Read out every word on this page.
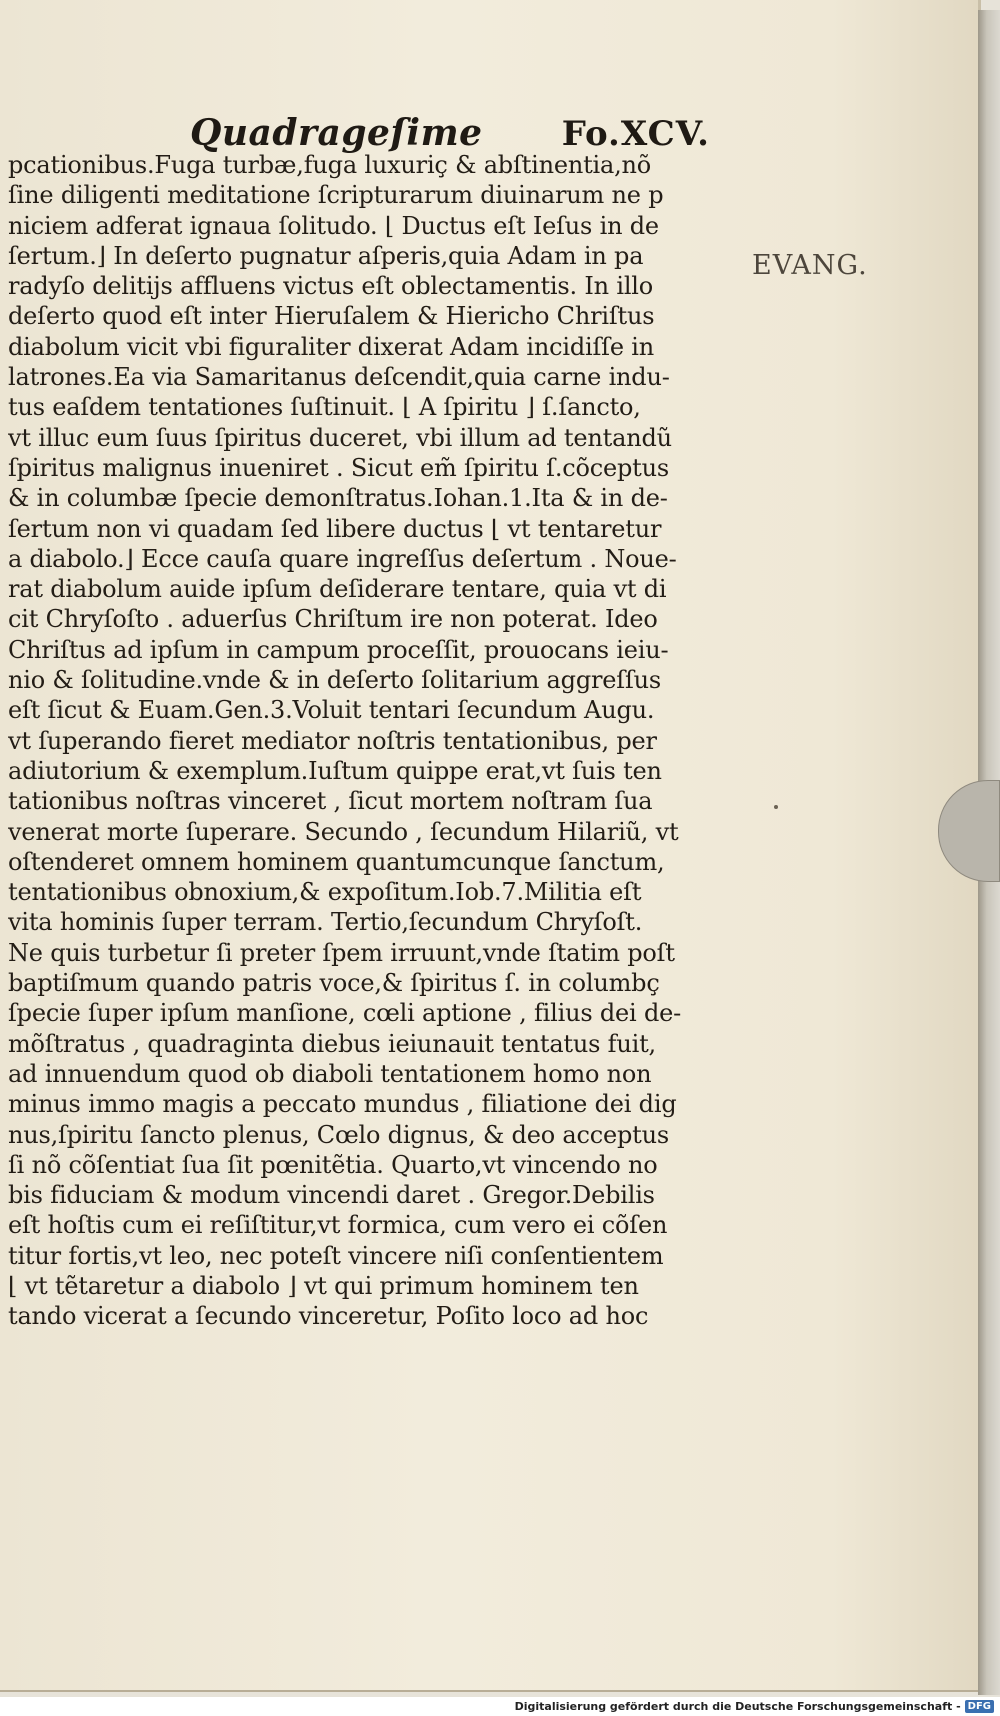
Quadrageſime Fo.XCV.
pcationibus.Fuga turbæ,fuga luxuriç & abſtinentia,nõ
ſine diligenti meditatione ſcripturarum diuinarum ne p
niciem adferat ignaua ſolitudo. ⌊ Ductus eſt Ieſus in de
ſertum.⌋ In deſerto pugnatur aſperis,quia Adam in pa
radyſo delitijs affluens victus eſt oblectamentis. In illo
deſerto quod eſt inter Hieruſalem & Hiericho Chriſtus
diabolum vicit vbi figuraliter dixerat Adam incidiſſe in
latrones.Ea via Samaritanus deſcendit,quia carne indu-
tus eaſdem tentationes ſuſtinuit. ⌊ A ſpiritu ⌋ ſ.ſancto,
vt illuc eum ſuus ſpiritus duceret, vbi illum ad tentandũ
ſpiritus malignus inueniret . Sicut em̃ ſpiritu ſ.cõceptus
& in columbæ ſpecie demonſtratus.Iohan.1.Ita & in de-
ſertum non vi quadam ſed libere ductus ⌊ vt tentaretur
a diabolo.⌋ Ecce cauſa quare ingreſſus deſertum . Noue-
rat diabolum auide ipſum deſiderare tentare, quia vt di
cit Chryſoſto . aduerſus Chriſtum ire non poterat. Ideo
Chriſtus ad ipſum in campum proceſſit, prouocans ieiu-
nio & ſolitudine.vnde & in deſerto ſolitarium aggreſſus
eſt ſicut & Euam.Gen.3.Voluit tentari ſecundum Augu.
vt ſuperando fieret mediator noſtris tentationibus, per
adiutorium & exemplum.Iuſtum quippe erat,vt ſuis ten
tationibus noſtras vinceret , ſicut mortem noſtram ſua
venerat morte ſuperare. Secundo , ſecundum Hilariũ, vt
oſtenderet omnem hominem quantumcunque ſanctum,
tentationibus obnoxium,& expoſitum.Iob.7.Militia eſt
vita hominis ſuper terram. Tertio,ſecundum Chryſoſt.
Ne quis turbetur ſi preter ſpem irruunt,vnde ſtatim poſt
baptiſmum quando patris voce,& ſpiritus ſ. in columbç
ſpecie ſuper ipſum manſione, cœli aptione , filius dei de-
mõſtratus , quadraginta diebus ieiunauit tentatus fuit,
ad innuendum quod ob diaboli tentationem homo non
minus immo magis a peccato mundus , filiatione dei dig
nus,ſpiritu ſancto plenus, Cœlo dignus, & deo acceptus
ſi nõ cõſentiat ſua ſit pœnitẽtia. Quarto,vt vincendo no
bis fiduciam & modum vincendi daret . Gregor.Debilis
eſt hoſtis cum ei reſiſtitur,vt formica, cum vero ei cõſen
titur fortis,vt leo, nec poteſt vincere niſi conſentientem
⌊ vt tẽtaretur a diabolo ⌋ vt qui primum hominem ten
tando vicerat a ſecundo vinceretur, Poſito loco ad hoc
EVANG.
Digitalisierung gefördert durch die Deutsche Forschungsgemeinschaft - DFG
